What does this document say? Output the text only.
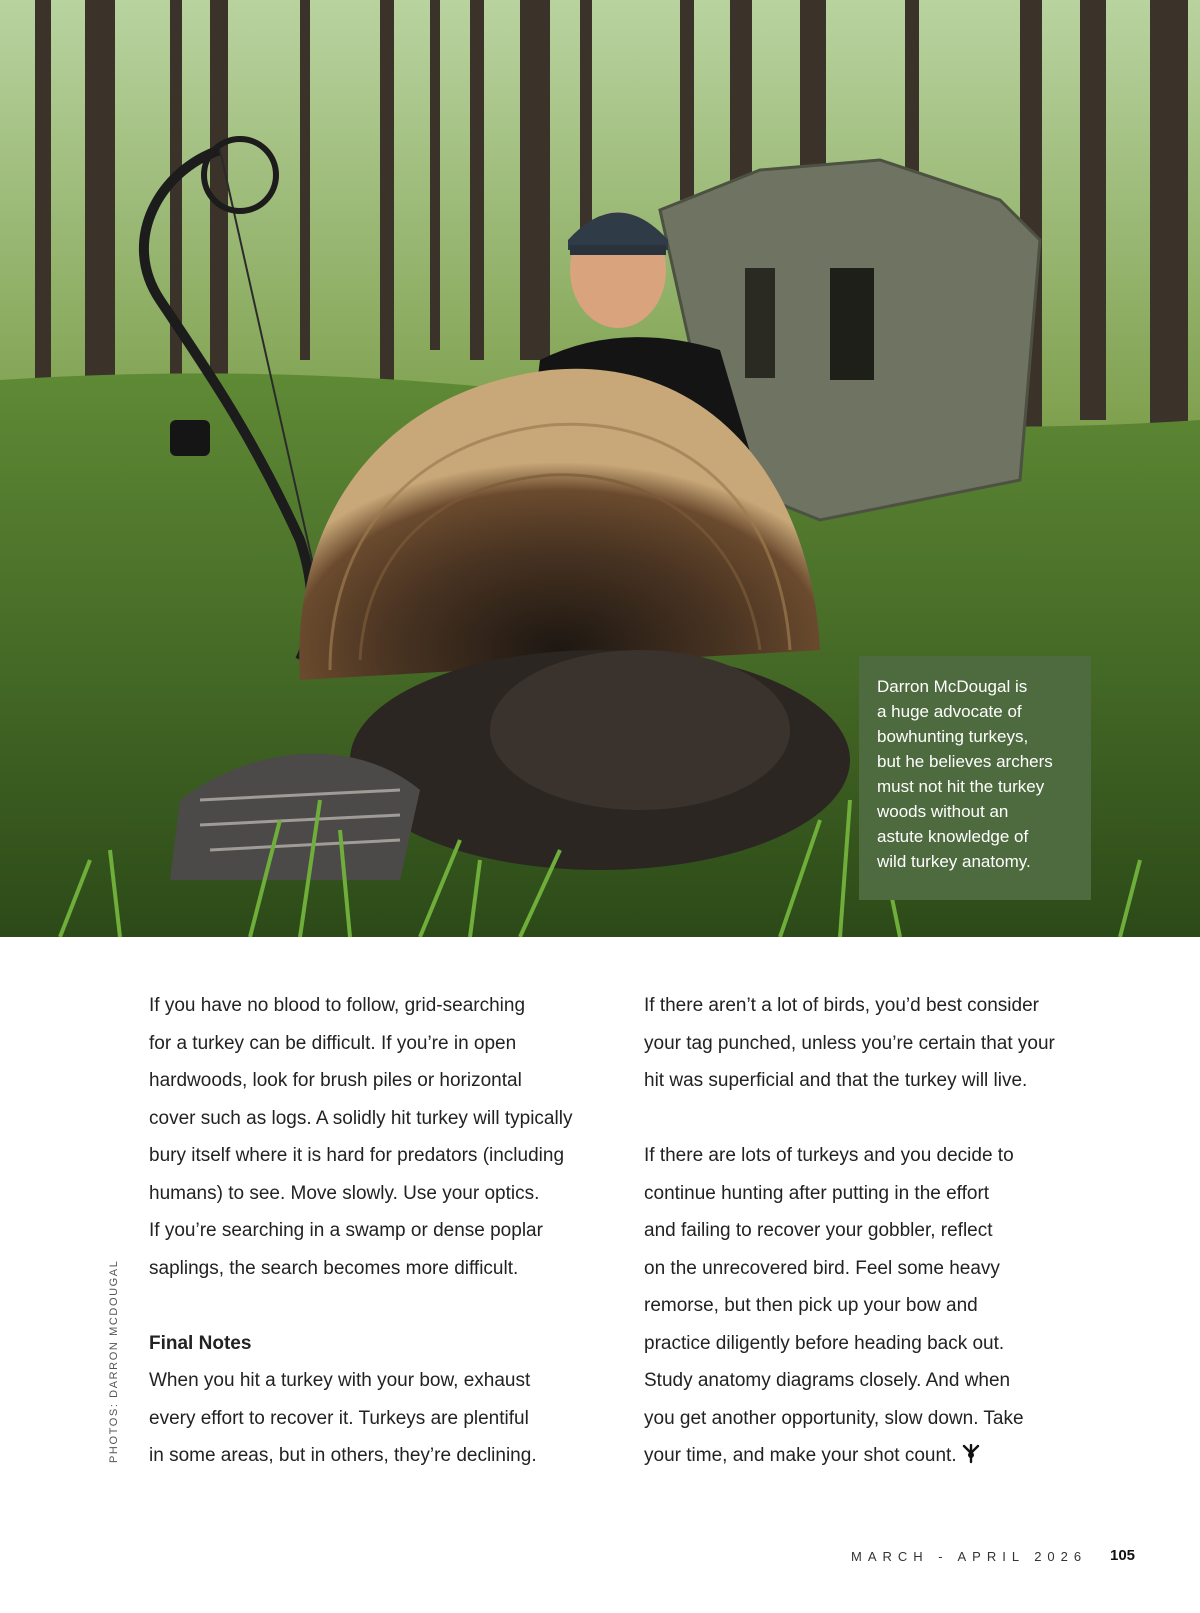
Darron McDougal is
a huge advocate of
bowhunting turkeys,
but he believes archers
must not hit the turkey
woods without an
astute knowledge of
wild turkey anatomy.

If you have no blood to follow, grid-searching
for a turkey can be difficult. If you’re in open
hardwoods, look for brush piles or horizontal
cover such as logs. A solidly hit turkey will typically
bury itself where it is hard for predators (including
humans) to see. Move slowly. Use your optics.
If you’re searching in a swamp or dense poplar
saplings, the search becomes more difficult.

Final Notes

When you hit a turkey with your bow, exhaust
every effort to recover it. Turkeys are plentiful
in some areas, but in others, they’re declining.

If there aren’t a lot of birds, you’d best consider
your tag punched, unless you’re certain that your
hit was superficial and that the turkey will live.

If there are lots of turkeys and you decide to
continue hunting after putting in the effort
and failing to recover your gobbler, reflect
on the unrecovered bird. Feel some heavy
remorse, but then pick up your bow and
practice diligently before heading back out.
Study anatomy diagrams closely. And when
you get another opportunity, slow down. Take
your time, and make your shot count.

PHOTOS: DARRON MCDOUGAL
MARCH - APRIL 2026 105
